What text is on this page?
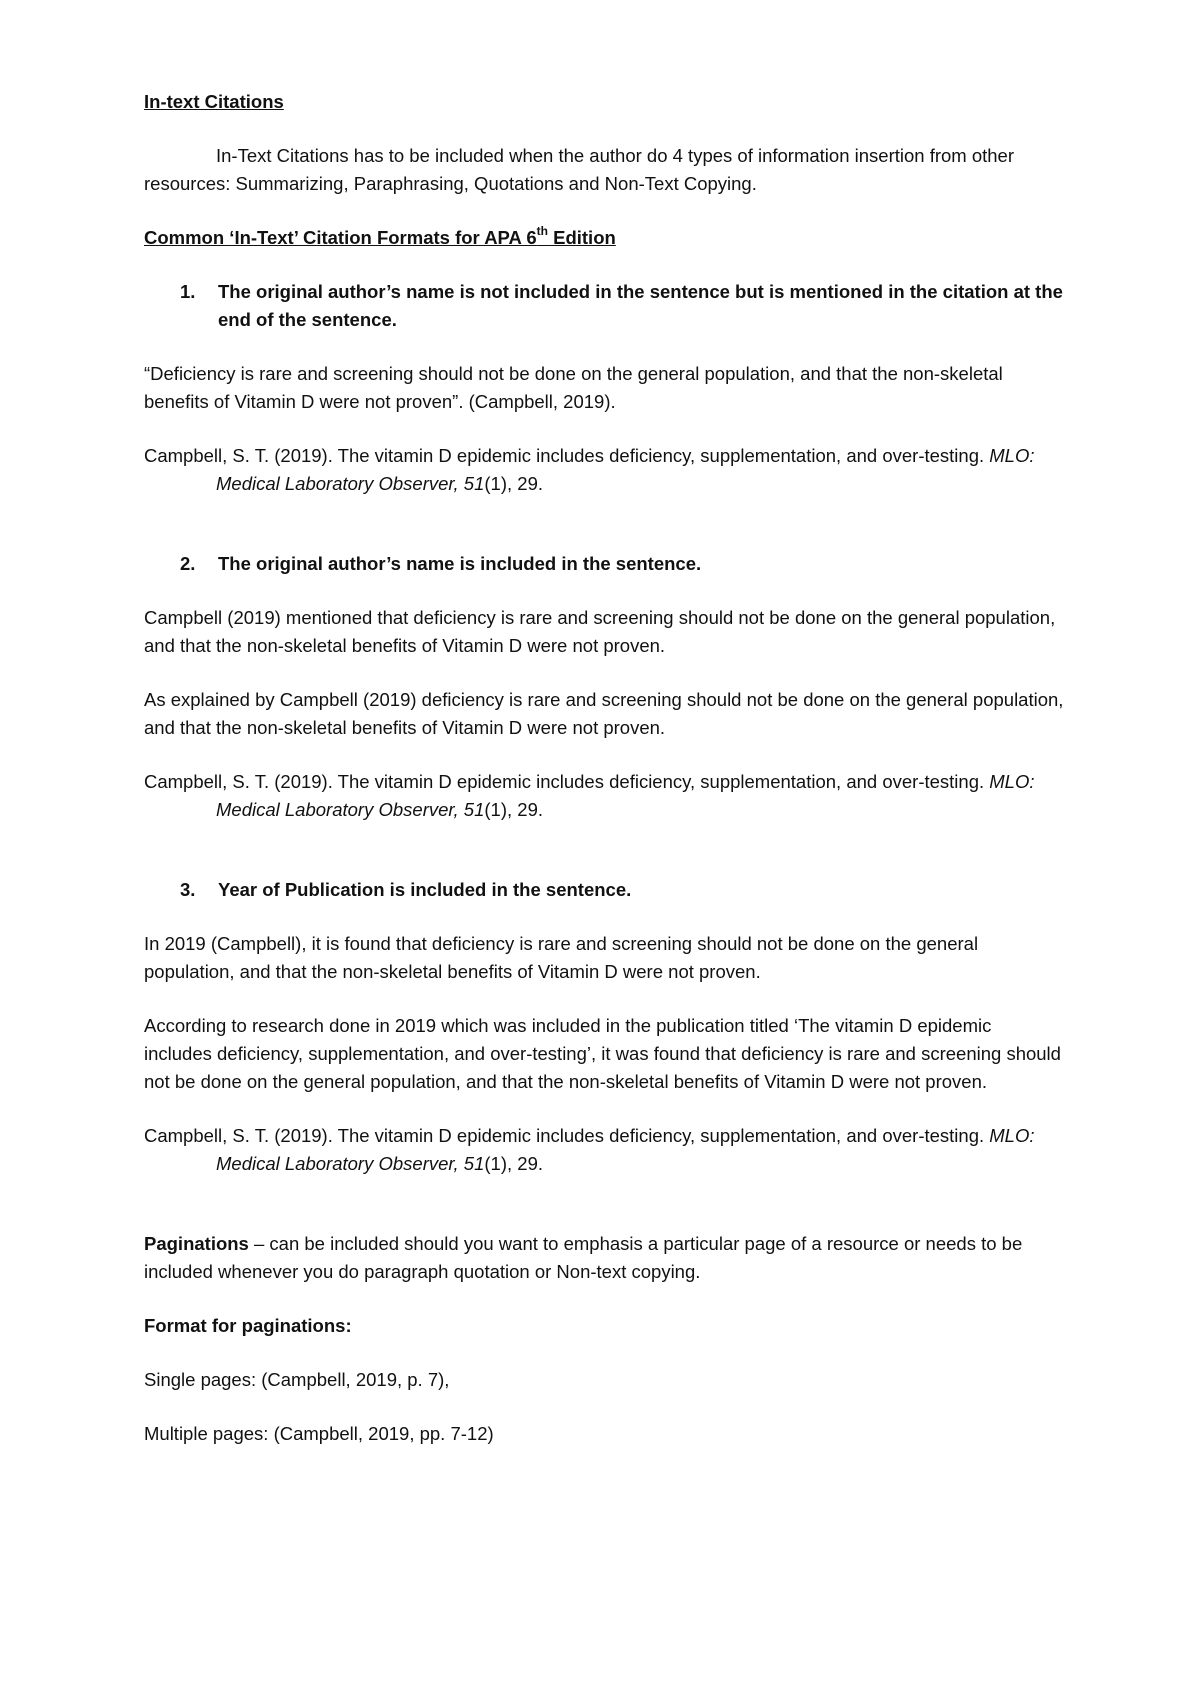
In-text Citations

In-Text Citations has to be included when the author do 4 types of information insertion from other resources: Summarizing, Paraphrasing, Quotations and Non-Text Copying.

Common ‘In-Text’ Citation Formats for APA 6th Edition

1. The original author’s name is not included in the sentence but is mentioned in the citation at the end of the sentence.

“Deficiency is rare and screening should not be done on the general population, and that the non-skeletal benefits of Vitamin D were not proven”. (Campbell, 2019).

Campbell, S. T. (2019). The vitamin D epidemic includes deficiency, supplementation, and over-testing. MLO: Medical Laboratory Observer, 51(1), 29.

2. The original author’s name is included in the sentence.

Campbell (2019) mentioned that deficiency is rare and screening should not be done on the general population, and that the non-skeletal benefits of Vitamin D were not proven.

As explained by Campbell (2019) deficiency is rare and screening should not be done on the general population, and that the non-skeletal benefits of Vitamin D were not proven.

Campbell, S. T. (2019). The vitamin D epidemic includes deficiency, supplementation, and over-testing. MLO: Medical Laboratory Observer, 51(1), 29.

3. Year of Publication is included in the sentence.

In 2019 (Campbell), it is found that deficiency is rare and screening should not be done on the general population, and that the non-skeletal benefits of Vitamin D were not proven.

According to research done in 2019 which was included in the publication titled ‘The vitamin D epidemic includes deficiency, supplementation, and over-testing’, it was found that deficiency is rare and screening should not be done on the general population, and that the non-skeletal benefits of Vitamin D were not proven.

Campbell, S. T. (2019). The vitamin D epidemic includes deficiency, supplementation, and over-testing. MLO: Medical Laboratory Observer, 51(1), 29.

Paginations – can be included should you want to emphasis a particular page of a resource or needs to be included whenever you do paragraph quotation or Non-text copying.

Format for paginations:

Single pages: (Campbell, 2019, p. 7),

Multiple pages: (Campbell, 2019, pp. 7-12)
